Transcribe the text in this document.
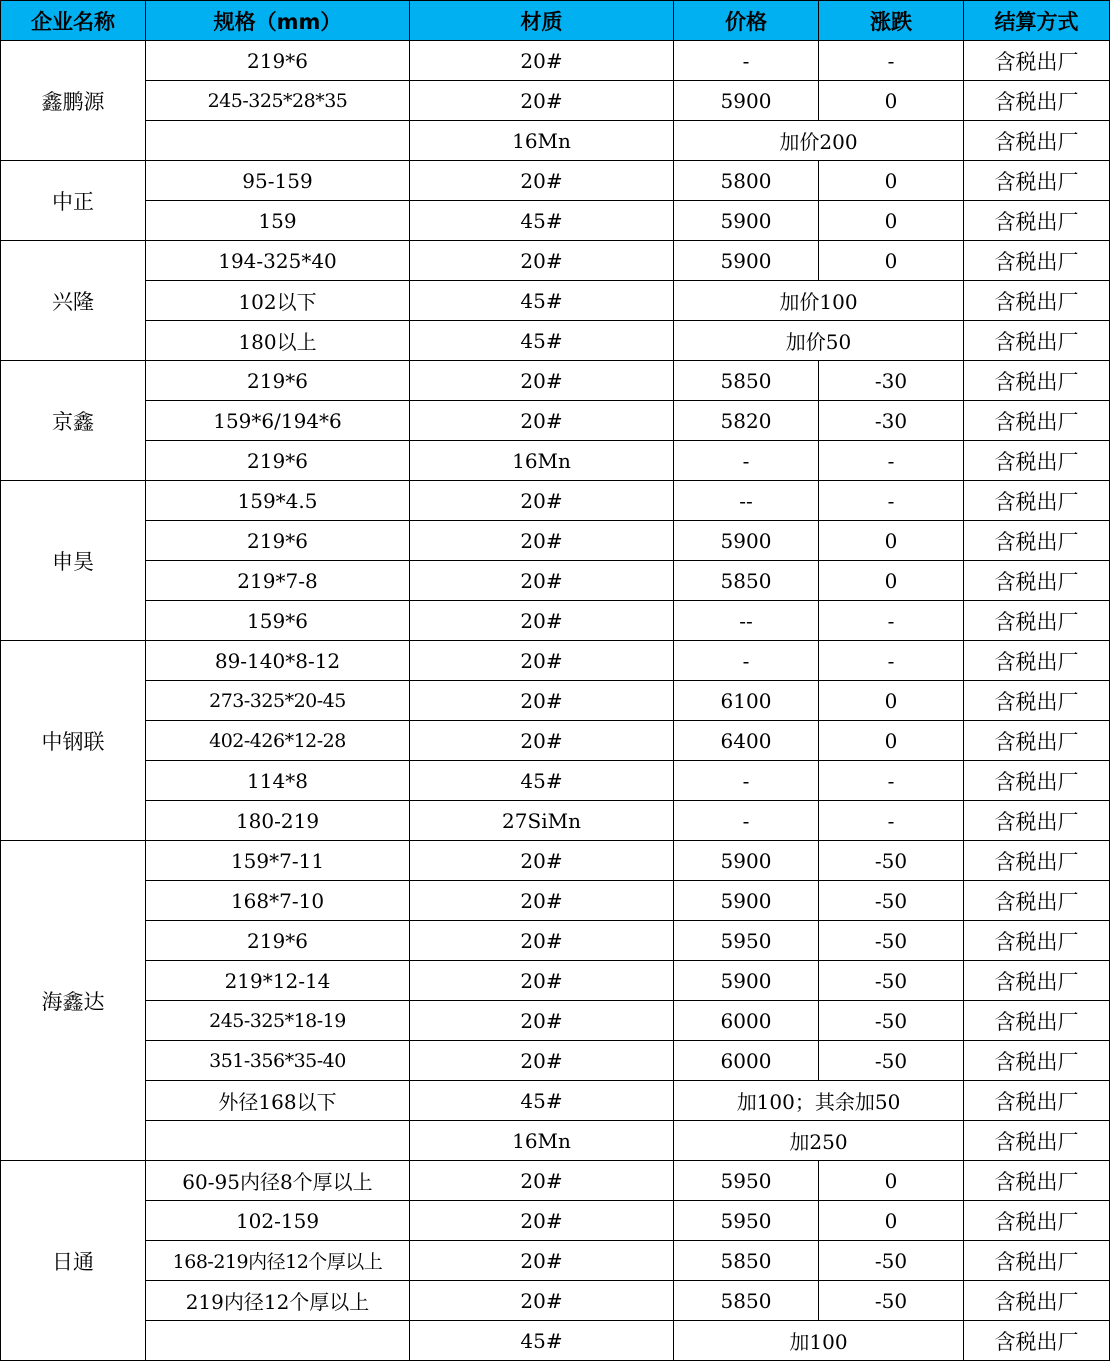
企业名称	规格（mm）	材质	价格	涨跌	结算方式
鑫鹏源	219*6	20#	-	-	含税出厂
	245-325*28*35	20#	5900	0	含税出厂
		16Mn	加价200		含税出厂
中正	95-159	20#	5800	0	含税出厂
	159	45#	5900	0	含税出厂
兴隆	194-325*40	20#	5900	0	含税出厂
	102以下	45#	加价100		含税出厂
	180以上	45#	加价50		含税出厂
京鑫	219*6	20#	5850	-30	含税出厂
	159*6/194*6	20#	5820	-30	含税出厂
	219*6	16Mn	-	-	含税出厂
申昊	159*4.5	20#	--	-	含税出厂
	219*6	20#	5900	0	含税出厂
	219*7-8	20#	5850	0	含税出厂
	159*6	20#	--	-	含税出厂
中钢联	89-140*8-12	20#	-	-	含税出厂
	273-325*20-45	20#	6100	0	含税出厂
	402-426*12-28	20#	6400	0	含税出厂
	114*8	45#	-	-	含税出厂
	180-219	27SiMn	-	-	含税出厂
海鑫达	159*7-11	20#	5900	-50	含税出厂
	168*7-10	20#	5900	-50	含税出厂
	219*6	20#	5950	-50	含税出厂
	219*12-14	20#	5900	-50	含税出厂
	245-325*18-19	20#	6000	-50	含税出厂
	351-356*35-40	20#	6000	-50	含税出厂
	外径168以下	45#	加100；其余加50		含税出厂
		16Mn	加250		含税出厂
日通	60-95内径8个厚以上	20#	5950	0	含税出厂
	102-159	20#	5950	0	含税出厂
	168-219内径12个厚以上	20#	5850	-50	含税出厂
	219内径12个厚以上	20#	5850	-50	含税出厂
		45#	加100		含税出厂
